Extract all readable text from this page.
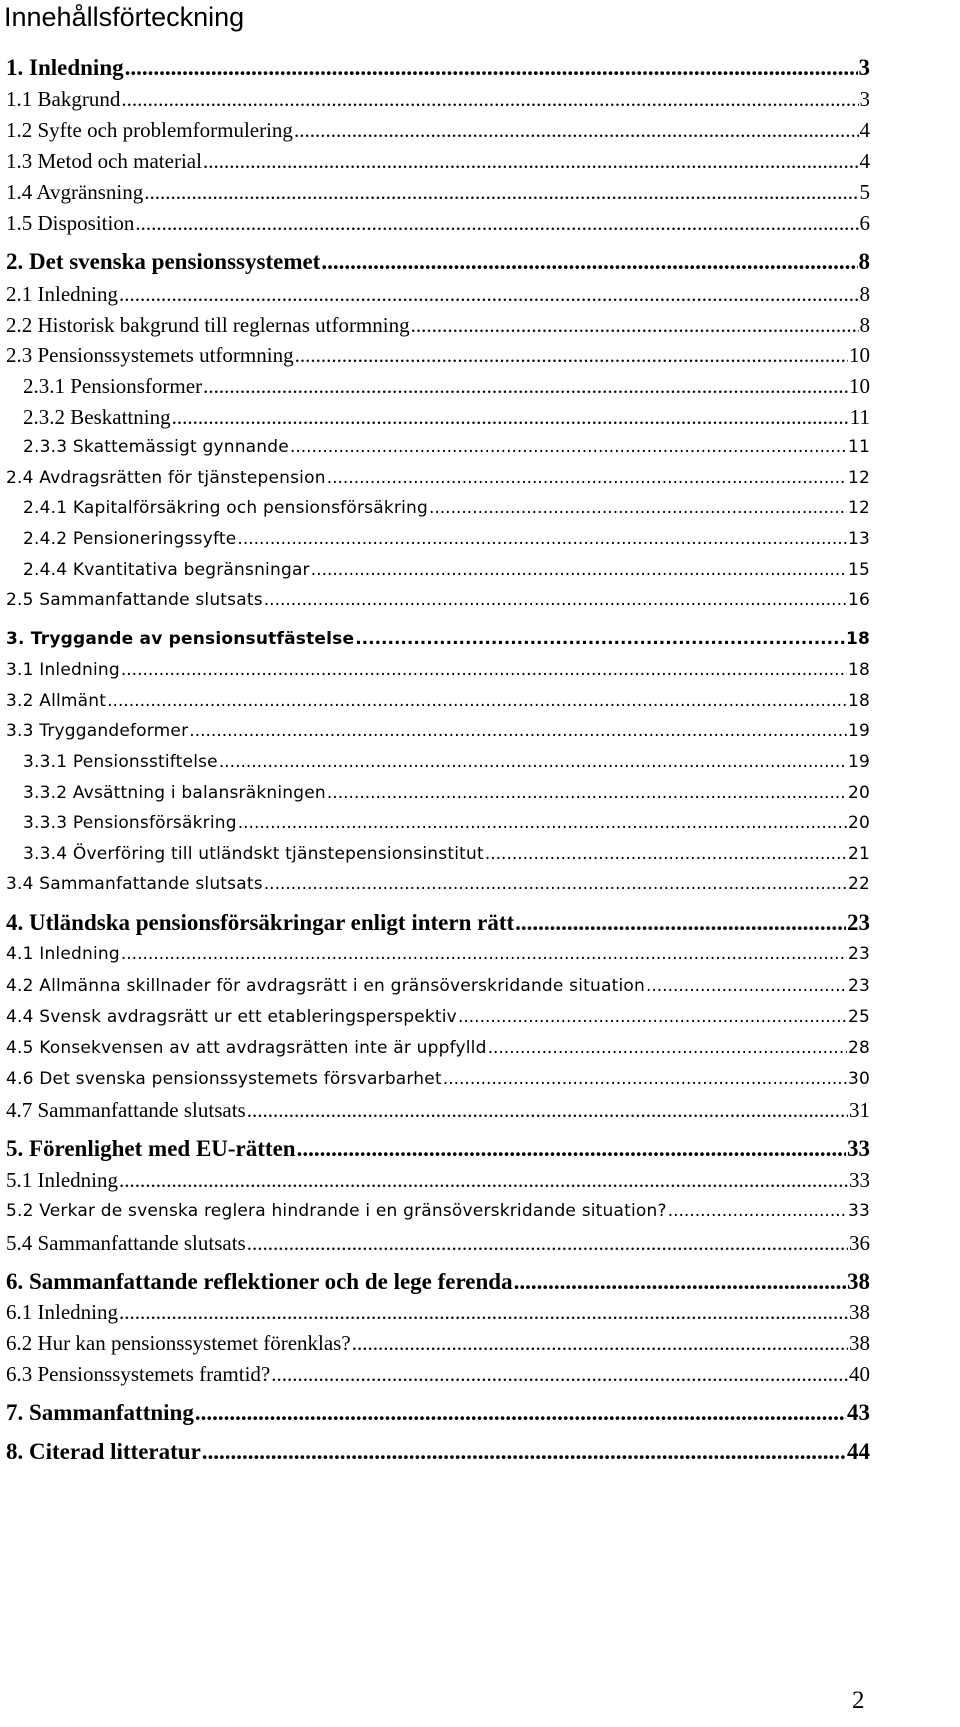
Innehållsförteckning
1. Inledning .....	3
1.1 Bakgrund .....	3
1.2 Syfte och problemformulering .....	4
1.3 Metod och material .....	4
1.4 Avgränsning .....	5
1.5 Disposition .....	6
2. Det svenska pensionssystemet .....	8
2.1 Inledning .....	8
2.2 Historisk bakgrund till reglernas utformning .....	8
2.3 Pensionssystemets utformning .....	10
2.3.1 Pensionsformer .....	10
2.3.2 Beskattning .....	11
2.3.3 Skattemässigt gynnande .....	11
2.4 Avdragsrätten för tjänstepension .....	12
2.4.1 Kapitalförsäkring och pensionsförsäkring .....	12
2.4.2 Pensioneringssyfte .....	13
2.4.4 Kvantitativa begränsningar .....	15
2.5 Sammanfattande slutsats .....	16
3. Tryggande av pensionsutfästelse .....	18
3.1 Inledning .....	18
3.2 Allmänt .....	18
3.3 Tryggandeformer .....	19
3.3.1 Pensionsstiftelse .....	19
3.3.2 Avsättning i balansräkningen .....	20
3.3.3 Pensionsförsäkring .....	20
3.3.4 Överföring till utländskt tjänstepensionsinstitut .....	21
3.4 Sammanfattande slutsats .....	22
4. Utländska pensionsförsäkringar enligt intern rätt .....	23
4.1 Inledning .....	23
4.2 Allmänna skillnader för avdragsrätt i en gränsöverskridande situation .....	23
4.4 Svensk avdragsrätt ur ett etableringsperspektiv .....	25
4.5 Konsekvensen av att avdragsrätten inte är uppfylld .....	28
4.6 Det svenska pensionssystemets försvarbarhet .....	30
4.7 Sammanfattande slutsats .....	31
5. Förenlighet med EU-rätten .....	33
5.1 Inledning .....	33
5.2 Verkar de svenska reglera hindrande i en gränsöverskridande situation? .....	33
5.4 Sammanfattande slutsats .....	36
6. Sammanfattande reflektioner och de lege ferenda .....	38
6.1 Inledning .....	38
6.2 Hur kan pensionssystemet förenklas? .....	38
6.3 Pensionssystemets framtid? .....	40
7. Sammanfattning .....	43
8. Citerad litteratur .....	44
2
